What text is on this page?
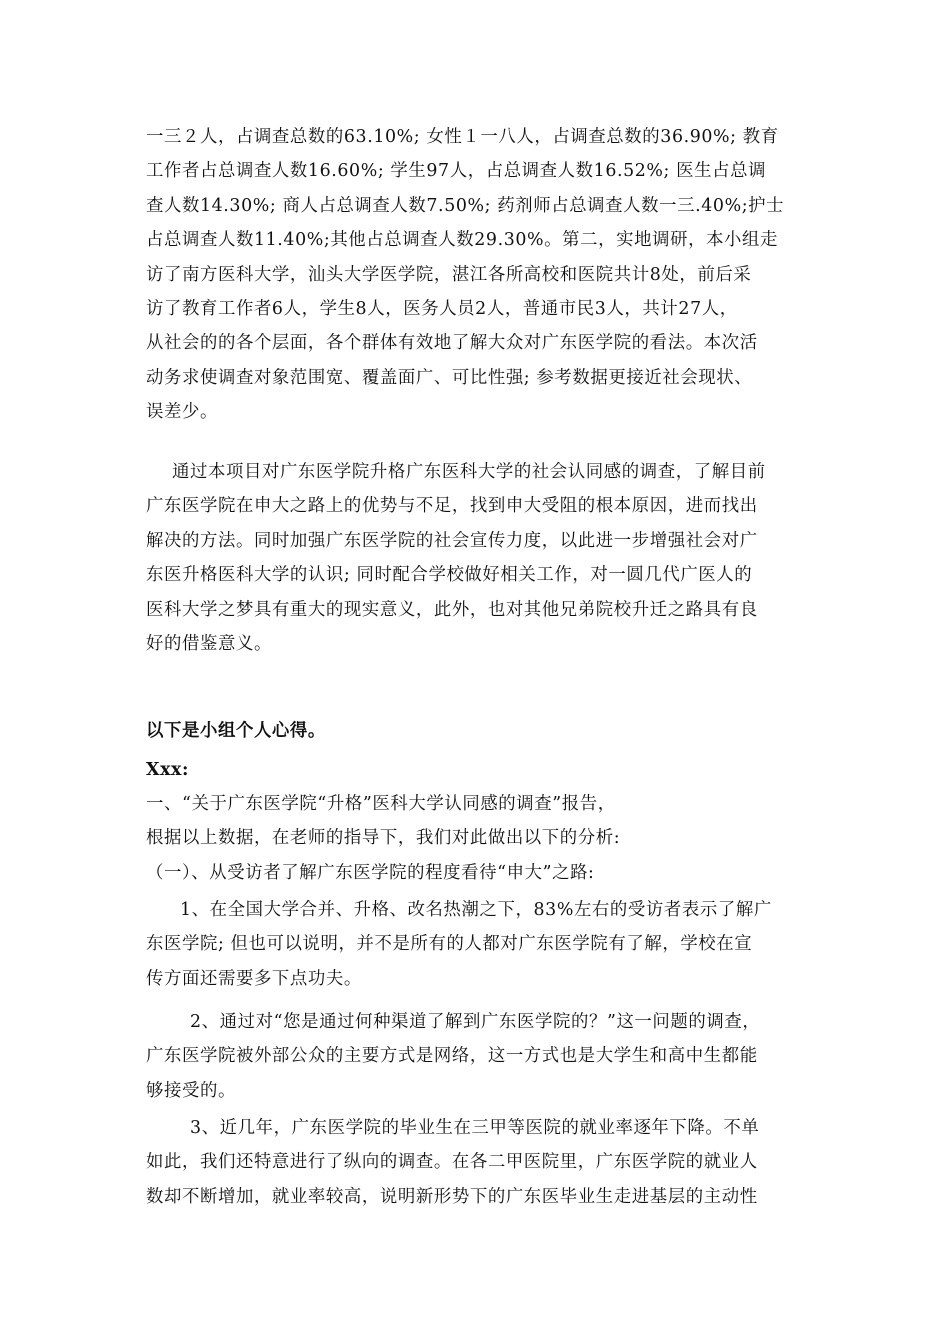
一三２人，占调查总数的63.10%; 女性１一八人，占调查总数的36.90%; 教育
工作者占总调查人数16.60%; 学生97人，占总调查人数16.52%; 医生占总调
查人数14.30%; 商人占总调查人数7.50%; 药剂师占总调查人数一三.40%;护士
占总调查人数11.40%;其他占总调查人数29.30%。第二，实地调研，本小组走
访了南方医科大学，汕头大学医学院，湛江各所高校和医院共计8处，前后采
访了教育工作者6人，学生8人，医务人员2人，普通市民3人，共计27人，
从社会的的各个层面，各个群体有效地了解大众对广东医学院的看法。本次活
动务求使调查对象范围宽、覆盖面广、可比性强; 参考数据更接近社会现状、
误差少。
通过本项目对广东医学院升格广东医科大学的社会认同感的调查，了解目前
广东医学院在申大之路上的优势与不足，找到申大受阻的根本原因，进而找出
解决的方法。同时加强广东医学院的社会宣传力度，以此进一步增强社会对广
东医升格医科大学的认识; 同时配合学校做好相关工作，对一圆几代广医人的
医科大学之梦具有重大的现实意义，此外，也对其他兄弟院校升迁之路具有良
好的借鉴意义。

以下是小组个人心得。

Xxx:

一、“关于广东医学院“升格”医科大学认同感的调查”报告，

根据以上数据，在老师的指导下，我们对此做出以下的分析:

（一）、从受访者了解广东医学院的程度看待“申大”之路:

1、在全国大学合并、升格、改名热潮之下，83%左右的受访者表示了解广
东医学院; 但也可以说明，并不是所有的人都对广东医学院有了解，学校在宣
传方面还需要多下点功夫。
2、通过对“您是通过何种渠道了解到广东医学院的？”这一问题的调查，
广东医学院被外部公众的主要方式是网络，这一方式也是大学生和高中生都能
够接受的。
3、近几年，广东医学院的毕业生在三甲等医院的就业率逐年下降。不单
如此，我们还特意进行了纵向的调查。在各二甲医院里，广东医学院的就业人
数却不断增加，就业率较高，说明新形势下的广东医毕业生走进基层的主动性
